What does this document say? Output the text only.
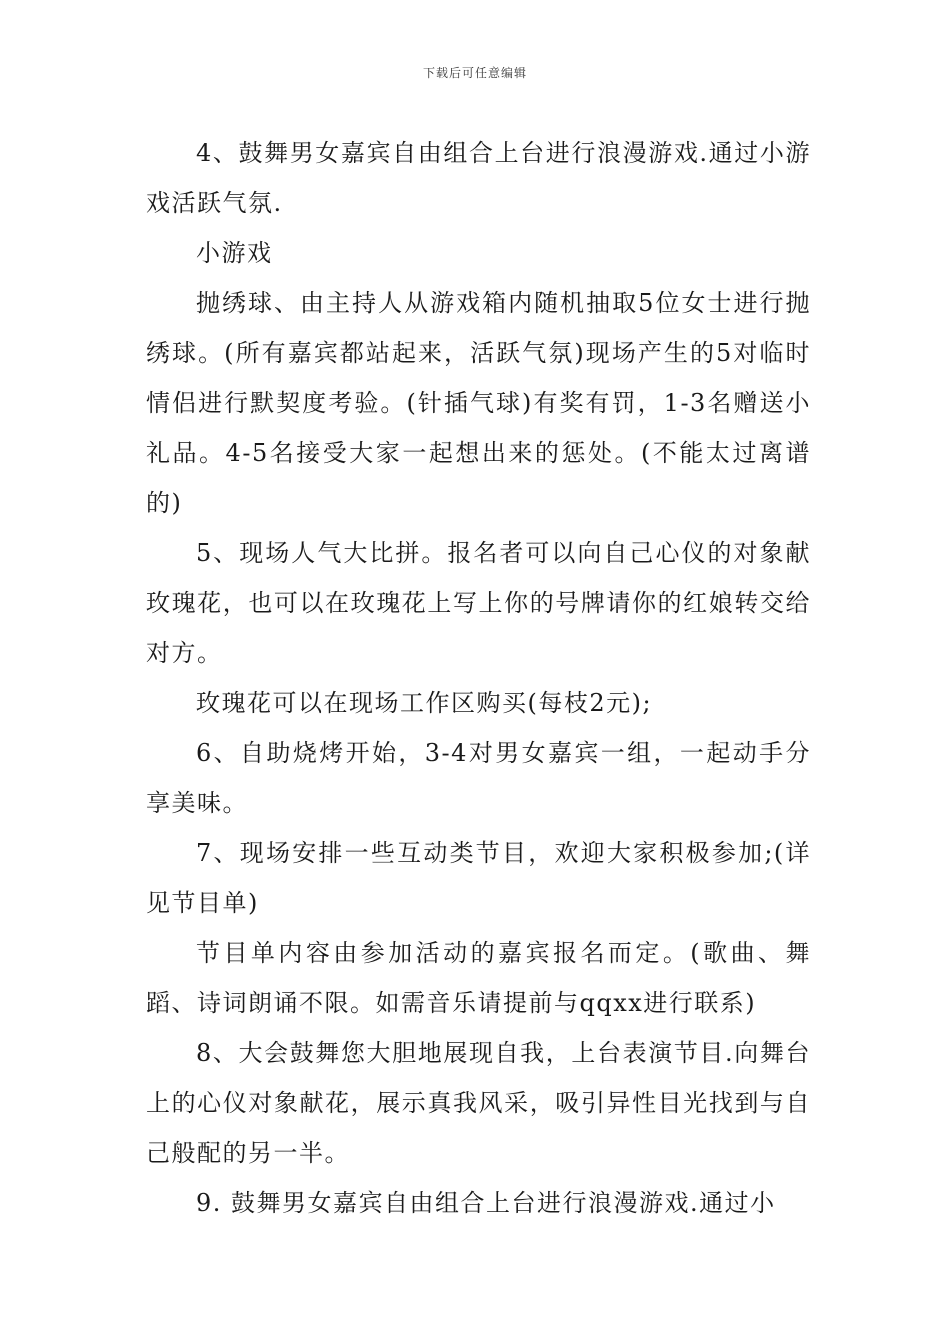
下载后可任意编辑

4、鼓舞男女嘉宾自由组合上台进行浪漫游戏.通过小游戏活跃气氛.

小游戏

抛绣球、由主持人从游戏箱内随机抽取5位女士进行抛绣球。(所有嘉宾都站起来，活跃气氛)现场产生的5对临时情侣进行默契度考验。(针插气球)有奖有罚，1-3名赠送小礼品。4-5名接受大家一起想出来的惩处。(不能太过离谱的)

5、现场人气大比拼。报名者可以向自己心仪的对象献玫瑰花，也可以在玫瑰花上写上你的号牌请你的红娘转交给对方。

玫瑰花可以在现场工作区购买(每枝2元);

6、自助烧烤开始，3-4对男女嘉宾一组，一起动手分享美味。

7、现场安排一些互动类节目，欢迎大家积极参加;(详见节目单)

节目单内容由参加活动的嘉宾报名而定。(歌曲、舞蹈、诗词朗诵不限。如需音乐请提前与qqxx进行联系)

8、大会鼓舞您大胆地展现自我，上台表演节目.向舞台上的心仪对象献花，展示真我风采，吸引异性目光找到与自己般配的另一半。

9. 鼓舞男女嘉宾自由组合上台进行浪漫游戏.通过小
